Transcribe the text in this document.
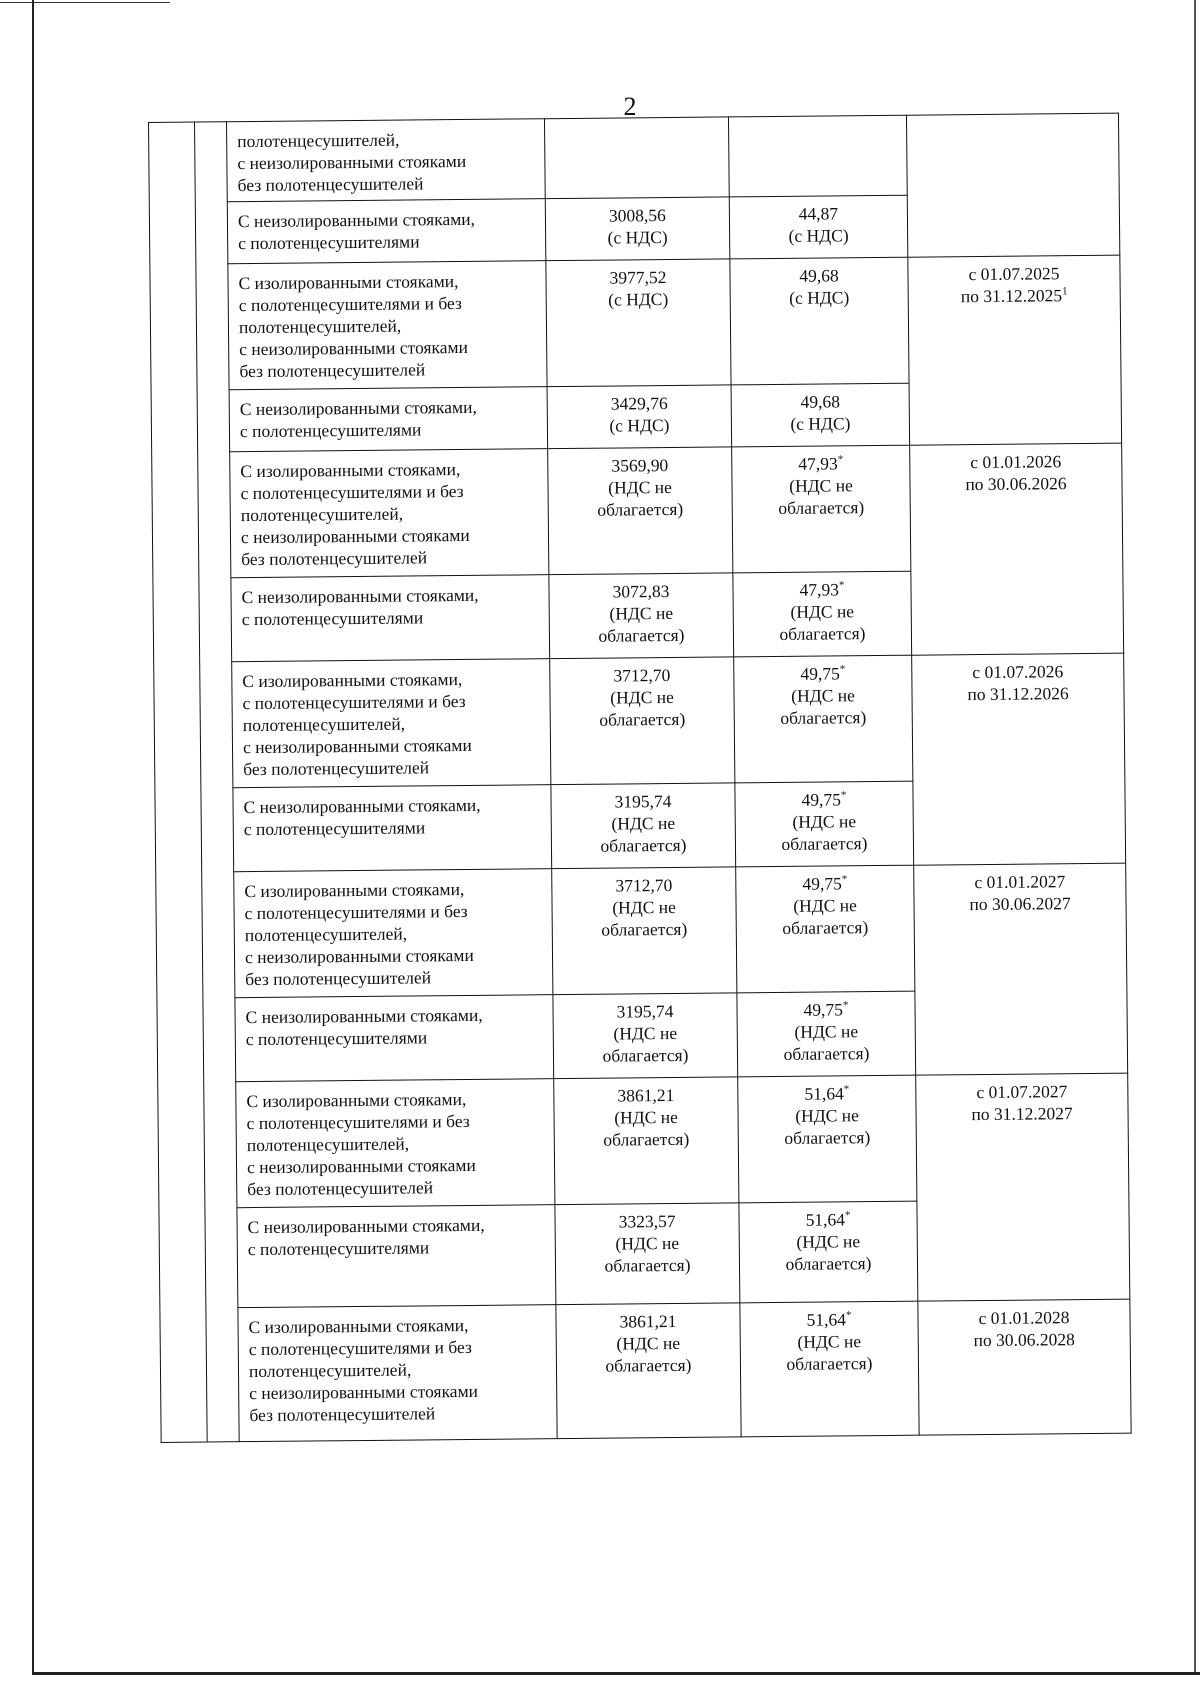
2

		полотенцесушителей,
с неизолированными стояками
без полотенцесушителей			

		С неизолированными стояками,
с полотенцесушителями	3008,56
(с НДС)	44,87
(с НДС)	

		С изолированными стояками,
с полотенцесушителями и без
полотенцесушителей,
с неизолированными стояками
без полотенцесушителей	3977,52
(с НДС)	49,68
(с НДС)	с 01.07.2025
по 31.12.2025$^1$

		С неизолированными стояками,
с полотенцесушителями	3429,76
(с НДС)	49,68
(с НДС)	

		С изолированными стояками,
с полотенцесушителями и без
полотенцесушителей,
с неизолированными стояками
без полотенцесушителей	3569,90
(НДС не
облагается)	47,93*
(НДС не
облагается)	с 01.01.2026
по 30.06.2026

		С неизолированными стояками,
с полотенцесушителями	3072,83
(НДС не
облагается)	47,93*
(НДС не
облагается)	

		С изолированными стояками,
с полотенцесушителями и без
полотенцесушителей,
с неизолированными стояками
без полотенцесушителей	3712,70
(НДС не
облагается)	49,75*
(НДС не
облагается)	с 01.07.2026
по 31.12.2026

		С неизолированными стояками,
с полотенцесушителями	3195,74
(НДС не
облагается)	49,75*
(НДС не
облагается)	

		С изолированными стояками,
с полотенцесушителями и без
полотенцесушителей,
с неизолированными стояками
без полотенцесушителей	3712,70
(НДС не
облагается)	49,75*
(НДС не
облагается)	с 01.01.2027
по 30.06.2027

		С неизолированными стояками,
с полотенцесушителями	3195,74
(НДС не
облагается)	49,75*
(НДС не
облагается)	

		С изолированными стояками,
с полотенцесушителями и без
полотенцесушителей,
с неизолированными стояками
без полотенцесушителей	3861,21
(НДС не
облагается)	51,64*
(НДС не
облагается)	с 01.07.2027
по 31.12.2027

		С неизолированными стояками,
с полотенцесушителями	3323,57
(НДС не
облагается)	51,64*
(НДС не
облагается)	

		С изолированными стояками,
с полотенцесушителями и без
полотенцесушителей,
с неизолированными стояками
без полотенцесушителей	3861,21
(НДС не
облагается)	51,64*
(НДС не
облагается)	с 01.01.2028
по 30.06.2028
